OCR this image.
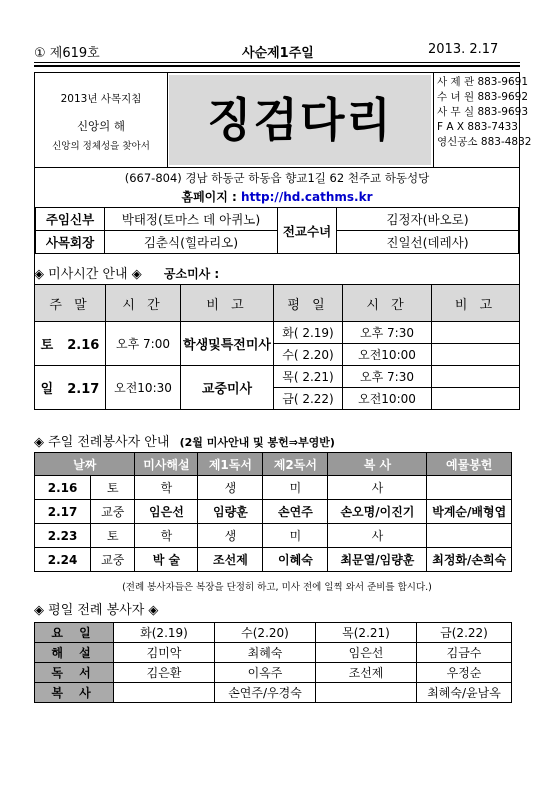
① 제619호	사순제1주일	2013. 2.17
2013년 사목지침
신앙의 해
신앙의 정체성을 찾아서	징검다리
사 제 관 883-9691
수 녀 원 883-9692
사 무 실 883-9693
F A X 883-7433
영신공소 883-4832
(667-804) 경남 하동군 하동읍 향교1길 62 천주교 하동성당
홈페이지 : http://hd.cathms.kr
주임신부	박태정(토마스 데 아퀴노)	전교수녀	김정자(바오로)
사목회장	김춘식(힐라리오)		진일선(데레사)
◈ 미사시간 안내 ◈ 공소미사 :
주 말	시 간	비 고	평 일	시 간	비 고
토 2.16	오후 7:00	학생및특전미사	화( 2.19)	오후 7:30	
			수( 2.20)	오전10:00	
일 2.17	오전10:30	교중미사	목( 2.21)	오후 7:30	
			금( 2.22)	오전10:00	
◈ 주일 전례봉사자 안내 (2월 미사안내 및 봉헌⇒부영반)
날짜		미사해설	제1독서	제2독서	복 사	예물봉헌
2.16	토	학	생	미	사	
2.17	교중	임은선	임량훈	손연주	손오명/이진기	박계순/배형엽
2.23	토	학	생	미	사	
2.24	교중	박 술	조선제	이혜숙	최문열/임량훈	최정화/손희숙
(전례 봉사자들은 복장을 단정히 하고, 미사 전에 일찍 와서 준비를 합시다.)
◈ 평일 전례 봉사자 ◈
요 일	화(2.19)	수(2.20)	목(2.21)	금(2.22)
해 설	김미악	최혜숙	임은선	김금수
독 서	김은환	이옥주	조선제	우정순
복 사		손연주/우경숙		최혜숙/윤남옥
